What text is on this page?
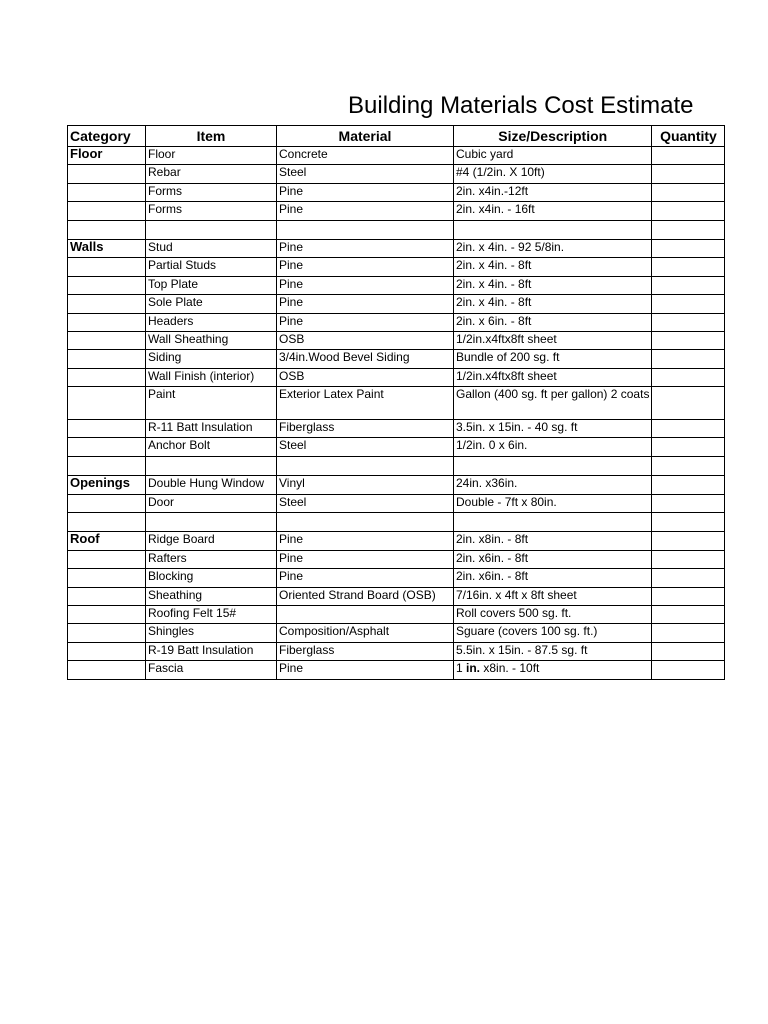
Building Materials Cost Estimate
Category	Item	Material	Size/Description	Quantity
Floor	Floor	Concrete	Cubic yard	
	Rebar	Steel	#4 (1/2in. X 10ft)	
	Forms	Pine	2in. x4in.-12ft	
	Forms	Pine	2in. x4in. - 16ft	

Walls	Stud	Pine	2in. x 4in. - 92 5/8in.	
	Partial Studs	Pine	2in. x 4in. - 8ft	
	Top Plate	Pine	2in. x 4in. - 8ft	
	Sole Plate	Pine	2in. x 4in. - 8ft	
	Headers	Pine	2in. x 6in. - 8ft	
	Wall Sheathing	OSB	1/2in.x4ftx8ft sheet	
	Siding	3/4in.Wood Bevel Siding	Bundle of 200 sg. ft	
	Wall Finish (interior)	OSB	1/2in.x4ftx8ft sheet	
	Paint	Exterior Latex Paint	Gallon (400 sg. ft per gallon) 2 coats	
	R-11 Batt Insulation	Fiberglass	3.5in. x 15in. - 40 sg. ft	
	Anchor Bolt	Steel	1/2in. 0 x 6in.	

Openings	Double Hung Window	Vinyl	24in. x36in.	
	Door	Steel	Double - 7ft x 80in.	

Roof	Ridge Board	Pine	2in. x8in. - 8ft	
	Rafters	Pine	2in. x6in. - 8ft	
	Blocking	Pine	2in. x6in. - 8ft	
	Sheathing	Oriented Strand Board (OSB)	7/16in. x 4ft x 8ft sheet	
	Roofing Felt 15#		Roll covers 500 sg. ft.	
	Shingles	Composition/Asphalt	Sguare (covers 100 sg. ft.)	
	R-19 Batt Insulation	Fiberglass	5.5in. x 15in. - 87.5 sg. ft	
	Fascia	Pine	1 in. x8in. - 10ft	
